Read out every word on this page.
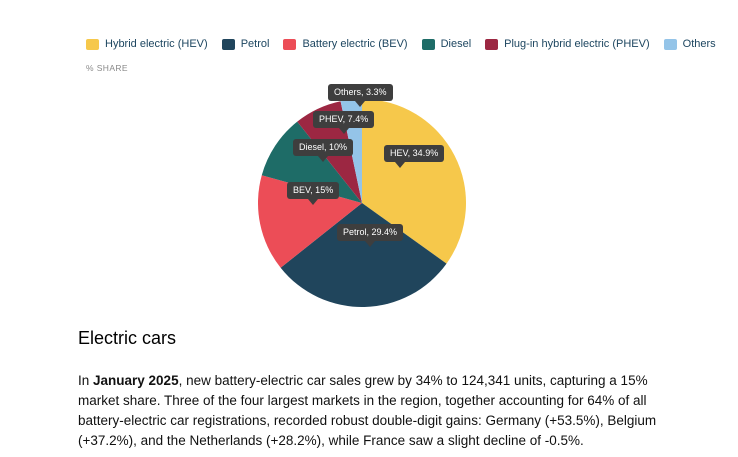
Hybrid electric (HEV)	Petrol	Battery electric (BEV)	Diesel	Plug-in hybrid electric (PHEV)	Others
% SHARE
Others, 3.3%
PHEV, 7.4%
Diesel, 10%
BEV, 15%
HEV, 34.9%
Petrol, 29.4%
Electric cars

In January 2025, new battery-electric car sales grew by 34% to 124,341 units, capturing a 15% market share. Three of the four largest markets in the region, together accounting for 64% of all battery-electric car registrations, recorded robust double-digit gains: Germany (+53.5%), Belgium (+37.2%), and the Netherlands (+28.2%), while France saw a slight decline of -0.5%.
